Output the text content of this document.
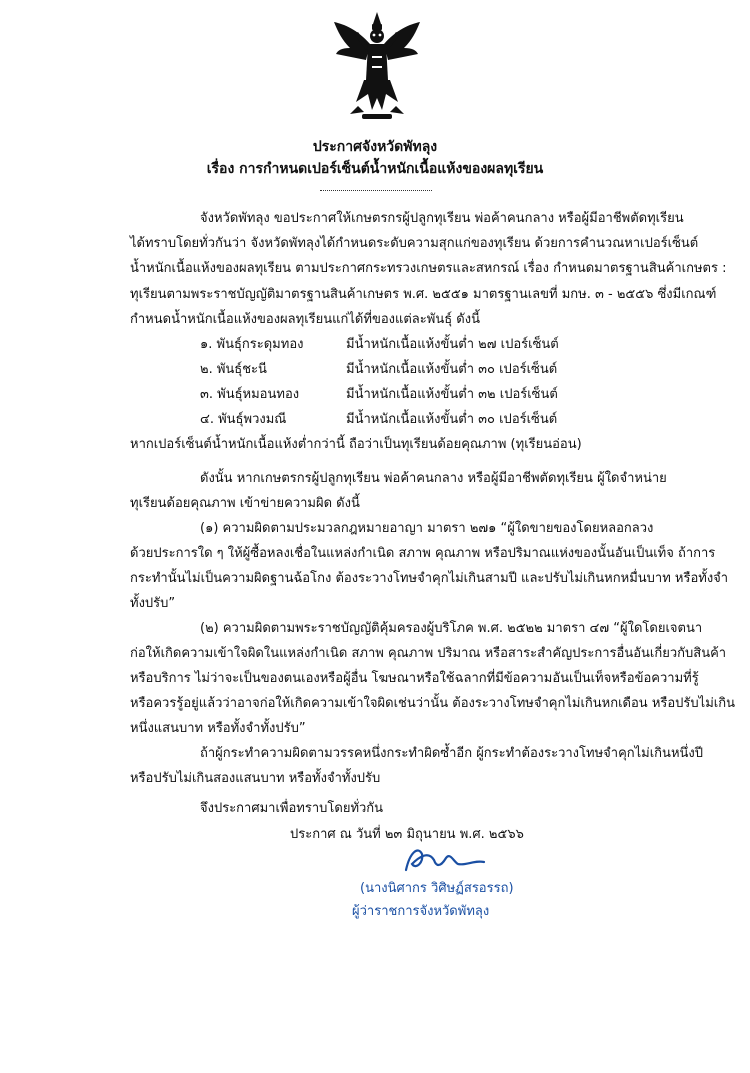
ประกาศจังหวัดพัทลุง
เรื่อง การกำหนดเปอร์เซ็นต์น้ำหนักเนื้อแห้งของผลทุเรียน
จังหวัดพัทลุง ขอประกาศให้เกษตรกรผู้ปลูกทุเรียน พ่อค้าคนกลาง หรือผู้มีอาชีพตัดทุเรียน
ได้ทราบโดยทั่วกันว่า จังหวัดพัทลุงได้กำหนดระดับความสุกแก่ของทุเรียน ด้วยการคำนวณหาเปอร์เซ็นต์
น้ำหนักเนื้อแห้งของผลทุเรียน ตามประกาศกระทรวงเกษตรและสหกรณ์ เรื่อง กำหนดมาตรฐานสินค้าเกษตร :
ทุเรียนตามพระราชบัญญัติมาตรฐานสินค้าเกษตร พ.ศ. ๒๕๕๑ มาตรฐานเลขที่ มกษ. ๓ - ๒๕๕๖ ซึ่งมีเกณฑ์
กำหนดน้ำหนักเนื้อแห้งของผลทุเรียนแก่ได้ที่ของแต่ละพันธุ์ ดังนี้
๑. พันธุ์กระดุมทอง	มีน้ำหนักเนื้อแห้งขั้นต่ำ ๒๗ เปอร์เซ็นต์
๒. พันธุ์ชะนี	มีน้ำหนักเนื้อแห้งขั้นต่ำ ๓๐ เปอร์เซ็นต์
๓. พันธุ์หมอนทอง	มีน้ำหนักเนื้อแห้งขั้นต่ำ ๓๒ เปอร์เซ็นต์
๔. พันธุ์พวงมณี	มีน้ำหนักเนื้อแห้งขั้นต่ำ ๓๐ เปอร์เซ็นต์
หากเปอร์เซ็นต์น้ำหนักเนื้อแห้งต่ำกว่านี้ ถือว่าเป็นทุเรียนด้อยคุณภาพ (ทุเรียนอ่อน)
ดังนั้น หากเกษตรกรผู้ปลูกทุเรียน พ่อค้าคนกลาง หรือผู้มีอาชีพตัดทุเรียน ผู้ใดจำหน่าย
ทุเรียนด้อยคุณภาพ เข้าข่ายความผิด ดังนี้
(๑) ความผิดตามประมวลกฎหมายอาญา มาตรา ๒๗๑ “ผู้ใดขายของโดยหลอกลวง
ด้วยประการใด ๆ ให้ผู้ซื้อหลงเชื่อในแหล่งกำเนิด สภาพ คุณภาพ หรือปริมาณแห่งของนั้นอันเป็นเท็จ ถ้าการ
กระทำนั้นไม่เป็นความผิดฐานฉ้อโกง ต้องระวางโทษจำคุกไม่เกินสามปี และปรับไม่เกินหกหมื่นบาท หรือทั้งจำ
ทั้งปรับ”
(๒) ความผิดตามพระราชบัญญัติคุ้มครองผู้บริโภค พ.ศ. ๒๕๒๒ มาตรา ๔๗ “ผู้ใดโดยเจตนา
ก่อให้เกิดความเข้าใจผิดในแหล่งกำเนิด สภาพ คุณภาพ ปริมาณ หรือสาระสำคัญประการอื่นอันเกี่ยวกับสินค้า
หรือบริการ ไม่ว่าจะเป็นของตนเองหรือผู้อื่น โฆษณาหรือใช้ฉลากที่มีข้อความอันเป็นเท็จหรือข้อความที่รู้
หรือควรรู้อยู่แล้วว่าอาจก่อให้เกิดความเข้าใจผิดเช่นว่านั้น ต้องระวางโทษจำคุกไม่เกินหกเดือน หรือปรับไม่เกิน
หนึ่งแสนบาท หรือทั้งจำทั้งปรับ”
ถ้าผู้กระทำความผิดตามวรรคหนึ่งกระทำผิดซ้ำอีก ผู้กระทำต้องระวางโทษจำคุกไม่เกินหนึ่งปี
หรือปรับไม่เกินสองแสนบาท หรือทั้งจำทั้งปรับ
จึงประกาศมาเพื่อทราบโดยทั่วกัน
ประกาศ ณ วันที่ ๒๓ มิถุนายน พ.ศ. ๒๕๖๖
(นางนิศากร วิศิษฏ์สรอรรถ)
ผู้ว่าราชการจังหวัดพัทลุง
